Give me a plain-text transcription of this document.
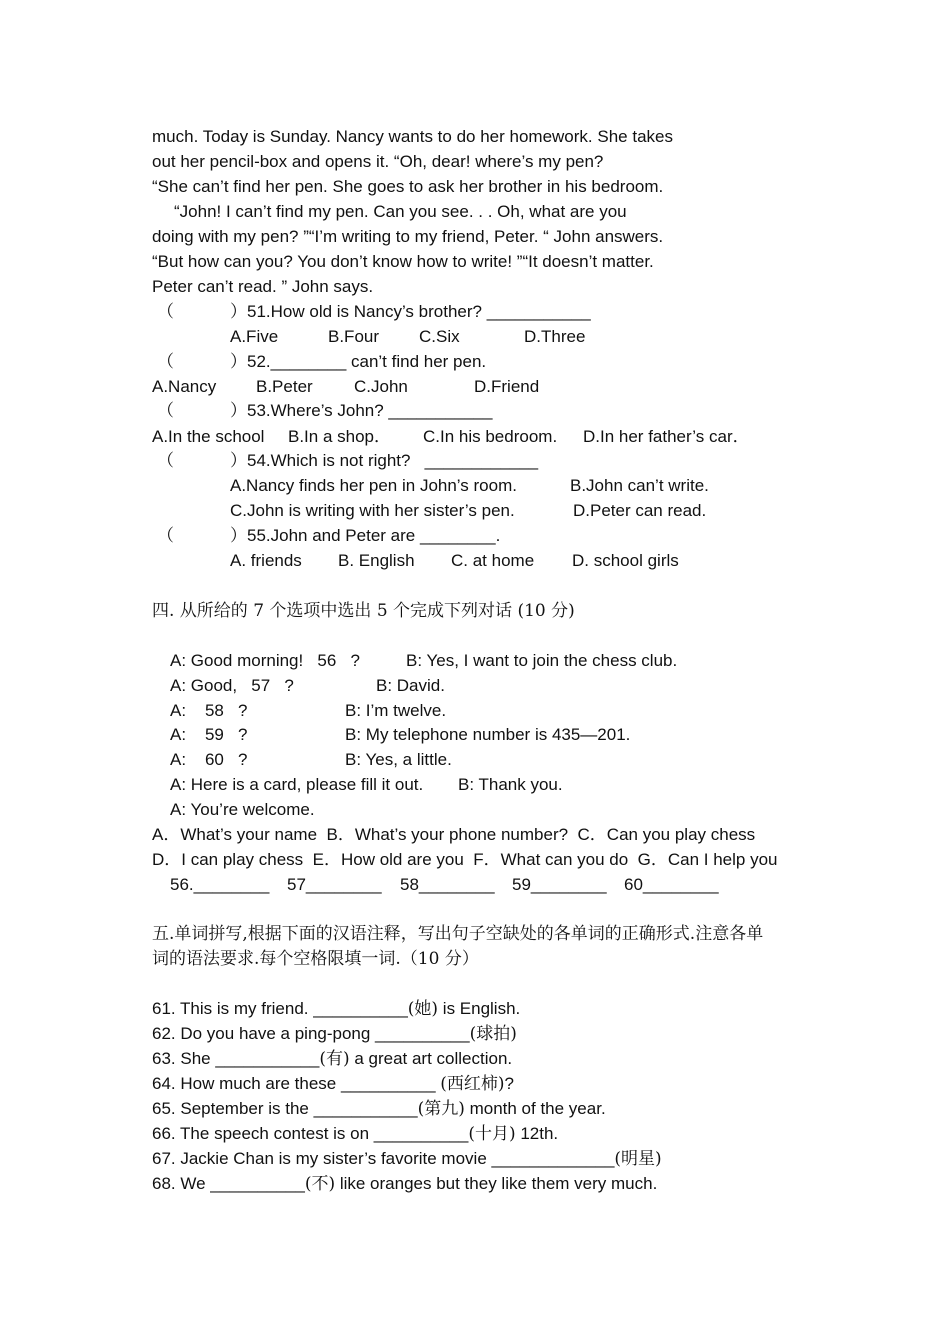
much. Today is Sunday. Nancy wants to do her homework. She takes
out her pencil-box and opens it. “Oh, dear! where’s my pen?
“She can’t find her pen. She goes to ask her brother in his bedroom.
“John! I can’t find my pen. Can you see. . . Oh, what are you
doing with my pen? ”“I’m writing to my friend, Peter. “ John answers.
“But how can you? You don’t know how to write! ”“It doesn’t matter.
Peter can’t read. ” John says.
（	）51.How old is Nancy’s brother? ___________
A.Five	B.Four C.Six	D.Three
（	）52.________ can’t find her pen.
A.Nancy B.Peter C.John	D.Friend
（	）53.Where’s John? ___________
A.In the school B.In a shop． C.In his bedroom. D.In her father’s car．
（	）54.Which is not right?   ____________
A.Nancy finds her pen in John’s room.	B.John can’t write.
C.John is writing with her sister’s pen.	D.Peter can read.
（	）55.John and Peter are ________.
A. friends B. English C. at home D. school girls
四. 从所给的 7 个选项中选出 5 个完成下列对话 (10 分)
A: Good morning!   56   ?	B: Yes, I want to join the chess club.
A: Good,   57   ?	B: David.
A:    58   ?	B: I’m twelve.
A:    59   ?	B: My telephone number is 435—201.
A:    60   ?	B: Yes, a little.
A: Here is a card, please fill it out. B: Thank you.
A: You’re welcome.
A．What’s your name  B．What’s your phone number?  C．Can you play chess
D．I can play chess  E．How old are you  F．What can you do  G．Can I help you
56.________ 57________ 58________ 59________ 60________
五.单词拼写,根据下面的汉语注释，写出句子空缺处的各单词的正确形式.注意各单
词的语法要求.每个空格限填一词.（10 分）
61. This is my friend. __________(她) is English.
62. Do you have a ping-pong __________(球拍)
63. She ___________(有) a great art collection.
64. How much are these __________ (西红柿)?
65. September is the ___________(第九) month of the year.
66. The speech contest is on __________(十月) 12th.
67. Jackie Chan is my sister’s favorite movie _____________(明星)
68. We __________(不) like oranges but they like them very much.
